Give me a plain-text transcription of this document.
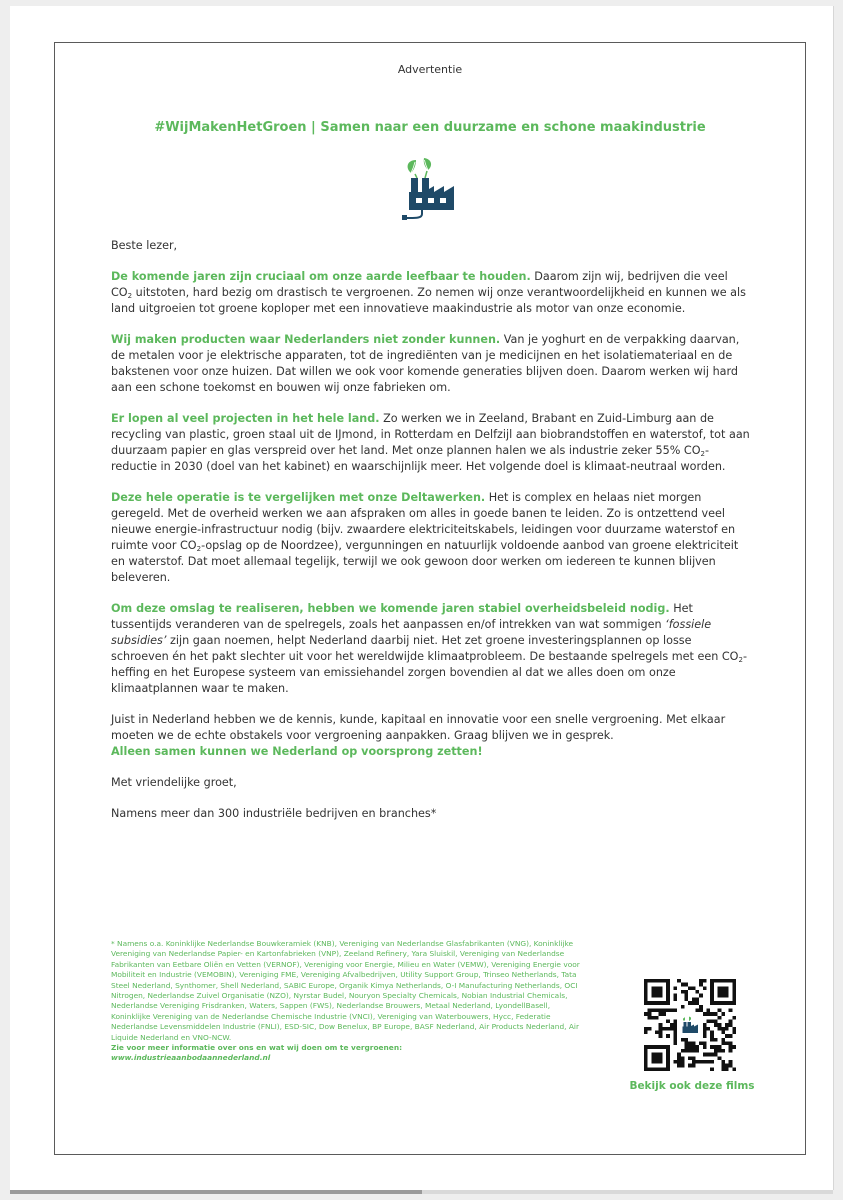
Advertentie
#WijMakenHetGroen | Samen naar een duurzame en schone maakindustrie

Beste lezer,

De komende jaren zijn cruciaal om onze aarde leefbaar te houden. Daarom zijn wij, bedrijven die veel $CO_2$ uitstoten, hard bezig om drastisch te vergroenen. Zo nemen wij onze verantwoordelijkheid en kunnen we als land uitgroeien tot groene koploper met een innovatieve maakindustrie als motor van onze economie.

Wij maken producten waar Nederlanders niet zonder kunnen. Van je yoghurt en de verpakking daarvan, de metalen voor je elektrische apparaten, tot de ingrediënten van je medicijnen en het isolatiemateriaal en de bakstenen voor onze huizen. Dat willen we ook voor komende generaties blijven doen. Daarom werken wij hard aan een schone toekomst en bouwen wij onze fabrieken om.

Er lopen al veel projecten in het hele land. Zo werken we in Zeeland, Brabant en Zuid-Limburg aan de recycling van plastic, groen staal uit de IJmond, in Rotterdam en Delfzijl aan biobrandstoffen en waterstof, tot aan duurzaam papier en glas verspreid over het land. Met onze plannen halen we als industrie zeker 55% $CO_2$-reductie in 2030 (doel van het kabinet) en waarschijnlijk meer. Het volgende doel is klimaat-neutraal worden.

Deze hele operatie is te vergelijken met onze Deltawerken. Het is complex en helaas niet morgen geregeld. Met de overheid werken we aan afspraken om alles in goede banen te leiden. Zo is ontzettend veel nieuwe energie-infrastructuur nodig (bijv. zwaardere elektriciteitskabels, leidingen voor duurzame waterstof en ruimte voor $CO_2$-opslag op de Noordzee), vergunningen en natuurlijk voldoende aanbod van groene elektriciteit en waterstof. Dat moet allemaal tegelijk, terwijl we ook gewoon door werken om iedereen te kunnen blijven beleveren.

Om deze omslag te realiseren, hebben we komende jaren stabiel overheidsbeleid nodig. Het tussentijds veranderen van de spelregels, zoals het aanpassen en/of intrekken van wat sommigen ‘fossiele subsidies’ zijn gaan noemen, helpt Nederland daarbij niet. Het zet groene investeringsplannen op losse schroeven én het pakt slechter uit voor het wereldwijde klimaatprobleem. De bestaande spelregels met een $CO_2$-heffing en het Europese systeem van emissiehandel zorgen bovendien al dat we alles doen om onze klimaatplannen waar te maken.

Juist in Nederland hebben we de kennis, kunde, kapitaal en innovatie voor een snelle vergroening. Met elkaar moeten we de echte obstakels voor vergroening aanpakken. Graag blijven we in gesprek.
Alleen samen kunnen we Nederland op voorsprong zetten!

Met vriendelijke groet,

Namens meer dan 300 industriële bedrijven en branches*

* Namens o.a. Koninklijke Nederlandse Bouwkeramiek (KNB), Vereniging van Nederlandse Glasfabrikanten (VNG), Koninklijke Vereniging van Nederlandse Papier- en Kartonfabrieken (VNP), Zeeland Refinery, Yara Sluiskil, Vereniging van Nederlandse Fabrikanten van Eetbare Oliën en Vetten (VERNOF), Vereniging voor Energie, Milieu en Water (VEMW), Vereniging Energie voor Mobiliteit en Industrie (VEMOBIN), Vereniging FME, Vereniging Afvalbedrijven, Utility Support Group, Trinseo Netherlands, Tata Steel Nederland, Synthomer, Shell Nederland, SABIC Europe, Organik Kimya Netherlands, O-I Manufacturing Netherlands, OCI Nitrogen, Nederlandse Zuivel Organisatie (NZO), Nyrstar Budel, Nouryon Specialty Chemicals, Nobian Industrial Chemicals, Nederlandse Vereniging Frisdranken, Waters, Sappen (FWS), Nederlandse Brouwers, Metaal Nederland, LyondellBasell, Koninklijke Vereniging van de Nederlandse Chemische Industrie (VNCI), Vereniging van Waterbouwers, Hycc, Federatie Nederlandse Levensmiddelen Industrie (FNLI), ESD-SIC, Dow Benelux, BP Europe, BASF Nederland, Air Products Nederland, Air Liquide Nederland en VNO-NCW.
Zie voor meer informatie over ons en wat wij doen om te vergroenen:
www.industrieaanbodaannederland.nl
Bekijk ook deze films
